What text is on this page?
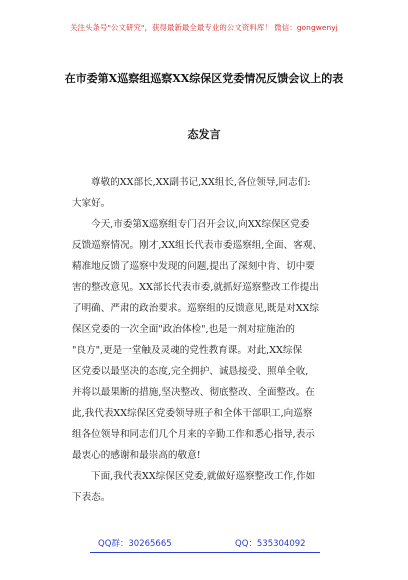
关注头条号"公文研究"，获得最新最全最专业的公文资料库！ 微信：gongwenyj
在市委第X巡察组巡察XX综保区党委情况反馈会议上的表
态发言
尊敬的XX部长,XX副书记,XX组长,各位领导,同志们:
大家好。
今天,市委第X巡察组专门召开会议,向XX综保区党委
反馈巡察情况。刚才,XX组长代表市委巡察组,全面、客观、
精准地反馈了巡察中发现的问题,提出了深刻中肯、切中要
害的整改意见。XX部长代表市委,就抓好巡察整改工作提出
了明确、严肃的政治要求。巡察组的反馈意见,既是对XX综
保区党委的一次全面"政治体检",也是一剂对症施治的
"良方",更是一堂触及灵魂的党性教育课。对此,XX综保
区党委以最坚决的态度,完全拥护、诚恳接受、照单全收,
并将以最果断的措施,坚决整改、彻底整改、全面整改。在
此,我代表XX综保区党委领导班子和全体干部职工,向巡察
组各位领导和同志们几个月来的辛勤工作和悉心指导,表示
最衷心的感谢和最崇高的敬意!
下面,我代表XX综保区党委,就做好巡察整改工作,作如
下表态。
QQ群：30265665	QQ：535304092
